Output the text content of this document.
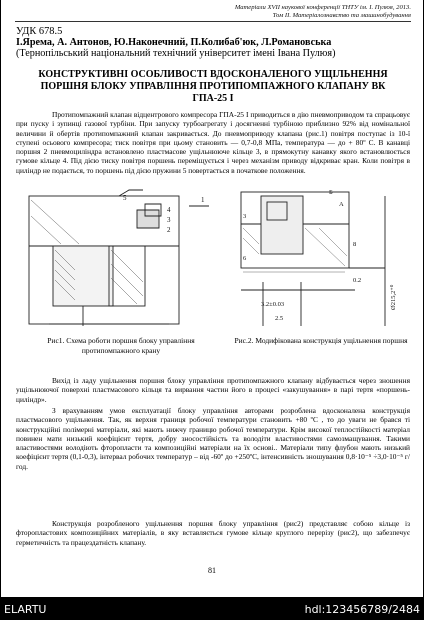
Матеріали XVII наукової конференції ТНТУ ім. І. Пулюя, 2013.
Том II. Матеріалознавство та машинобудування
УДК 678.5
І.Ярема, А. Антонов, Ю.Наконечний, П.Колибаб'юк, Л.Романовська
(Тернопільський національний технічний університет імені Івана Пулюя)
КОНСТРУКТИВНІ ОСОБЛИВОСТІ ВДОСКОНАЛЕНОГО УЩІЛЬНЕННЯ ПОРШНЯ БЛОКУ УПРАВЛІННЯ ПРОТИПОМПАЖНОГО КЛАПАНУ ВК ГПА-25 І

Протипомпажний клапан відцентрового компресора ГПА-25 І приводиться в дію пневмоприводом та спрацьовує при пуску і зупинці газової турбіни. При запуску турбоагрегату і досягненні турбінoю приблизно 92% від номінальної величини й обертів протипомпажний клапан закривається. До пневмоприводу клапана (рис.1) повітря поступає із 10-ї ступені осьового компресора; тиск повітря при цьому становить — 0,7-0,8 МПа, температура — до + 80º С. В канавці поршня 2 пневмоциліндра встановлено пластмасове ущільнююче кільце 3, в прямокутну канавку якого встановлюється гумове кільце 4. Під дією тиску повітря поршень переміщується і через механізм приводу відкриває кран. Коли повітря в циліндр не подається, то поршень під дією пружини 5 повертається в початкове положення.

5
4
3
2
1
Б
А
3
6
3.2±0.03
2.5
8
0.2
Ø215,2⁺⁰
Рис1. Схема роботи поршня блоку управління протипомпажного крану
Рис.2. Модифікована конструкція ущільнення поршня

Вихід із ладу ущільнення поршня блоку управління протипомпажного клапану відбувається через зношення ущільнюючої поверхні пластмасового кільця та вирвання частин його в процесі «закушування» в парі тертя «поршень-циліндр».

З врахуванням умов експлуатації блоку управління авторами розроблена вдосконалена конструкція пластмасового ущільнення. Так, як верхня границя робочої температури становить +80 ºС , то до уваги не брався ті конструкційні полімерні матеріали, які мають нижчу границю робочої температури. Крім високої теплостійкості матеріал повинен мати низький коефіцієнт тертя, добру зносостійкість та володіти властивостями самозмащування. Такими властивостями володіють фторопласти та композиційні матеріали на їх основі.. Матеріали типу флубон мають низький коефіцієнт тертя (0,1-0,3), інтервал робочих температур – від -60º до +250ºС, інтенсивність зношування 0,8·10⁻⁵ ÷3,0·10⁻⁵ г/год.

Конструкція розробленого ущільнення поршня блоку управління (рис2) представляє собою кільце із фторопластових композиційних матеріалів, в яку вставляється гумове кільце круглого перерізу (рис2), що забезпечує герметичність та працездатність клапану.

81
ELARTU	hdl:123456789/2484
